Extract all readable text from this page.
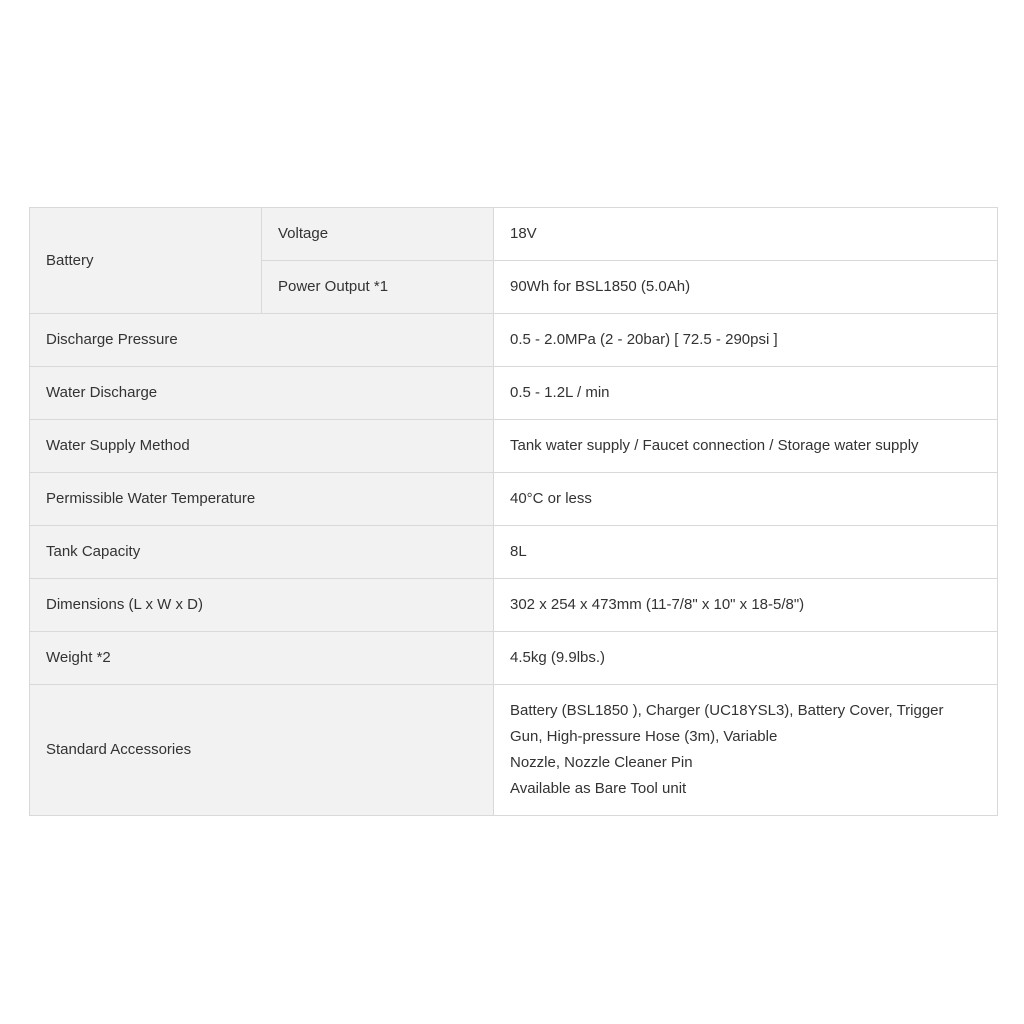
Battery	Voltage	18V
	Power Output *1	90Wh for BSL1850 (5.0Ah)
Discharge Pressure		0.5 - 2.0MPa (2 - 20bar) [ 72.5 - 290psi ]
Water Discharge		0.5 - 1.2L / min
Water Supply Method		Tank water supply / Faucet connection / Storage water supply
Permissible Water Temperature		40°C or less
Tank Capacity		8L
Dimensions (L x W x D)		302 x 254 x 473mm (11-7/8" x 10" x 18-5/8")
Weight *2		4.5kg (9.9lbs.)
Standard Accessories		Battery (BSL1850 ), Charger (UC18YSL3), Battery Cover, Trigger
Gun, High-pressure Hose (3m), Variable
Nozzle, Nozzle Cleaner Pin
Available as Bare Tool unit
